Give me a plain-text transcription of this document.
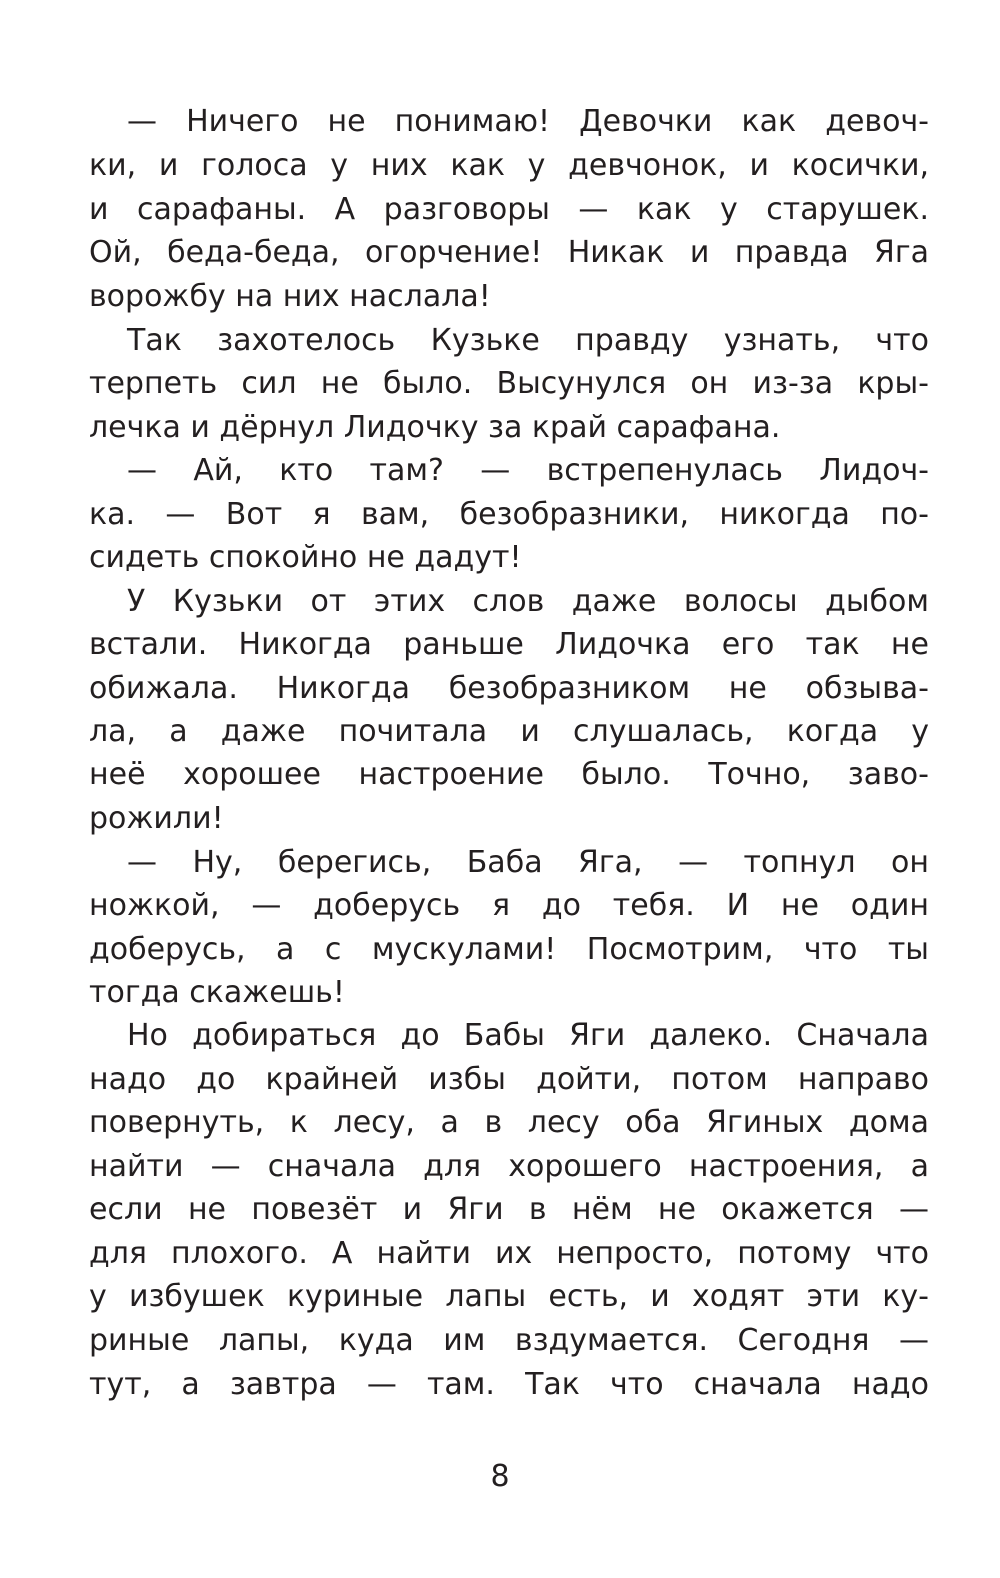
— Ничего не понимаю! Девочки как девоч-
ки, и голоса у них как у девчонок, и косички,
и сарафаны. А разговоры — как у старушек.
Ой, беда-беда, огорчение! Никак и правда Яга
ворожбу на них наслала!
Так захотелось Кузьке правду узнать, что
терпеть сил не было. Высунулся он из-за кры-
лечка и дёрнул Лидочку за край сарафана.
— Ай, кто там? — встрепенулась Лидоч-
ка. — Вот я вам, безобразники, никогда по-
сидеть спокойно не дадут!
У Кузьки от этих слов даже волосы дыбом
встали. Никогда раньше Лидочка его так не
обижала. Никогда безобразником не обзыва-
ла, а даже почитала и слушалась, когда у
неё хорошее настроение было. Точно, заво-
рожили!
— Ну, берегись, Баба Яга, — топнул он
ножкой, — доберусь я до тебя. И не один
доберусь, а с мускулами! Посмотрим, что ты
тогда скажешь!
Но добираться до Бабы Яги далеко. Сначала
надо до крайней избы дойти, потом направо
повернуть, к лесу, а в лесу оба Ягиных дома
найти — сначала для хорошего настроения, а
если не повезёт и Яги в нём не окажется —
для плохого. А найти их непросто, потому что
у избушек куриные лапы есть, и ходят эти ку-
риные лапы, куда им вздумается. Сегодня —
тут, а завтра — там. Так что сначала надо
8
